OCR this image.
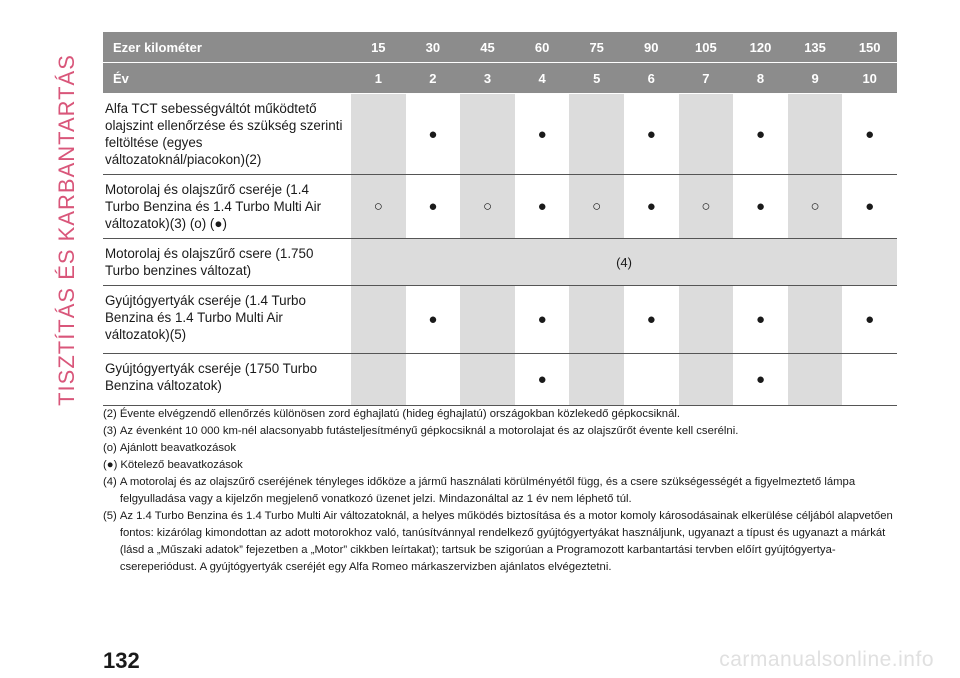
TISZTÍTÁS ÉS KARBANTARTÁS
Ezer kilométer	15	30	45	60	75	90	105	120	135	150
Év	1	2	3	4	5	6	7	8	9	10
Alfa TCT sebességváltót működtető olajszint ellenőrzése és szükség szerinti feltöltése (egyes változatoknál/piacokon)(2)		●		●		●		●		●
Motorolaj és olajszűrő cseréje (1.4 Turbo Benzina és 1.4 Turbo Multi Air változatok)(3) (o) (●)	○	●	○	●	○	●	○	●	○	●
Motorolaj és olajszűrő csere (1.750 Turbo benzines változat)	(4)									
Gyújtógyertyák cseréje (1.4 Turbo Benzina és 1.4 Turbo Multi Air változatok)(5)		●		●		●		●		●
Gyújtógyertyák cseréje (1750 Turbo Benzina változatok)				●				●		
(2) Évente elvégzendő ellenőrzés különösen zord éghajlatú (hideg éghajlatú) országokban közlekedő gépkocsiknál.
(3) Az évenként 10 000 km-nél alacsonyabb futásteljesítményű gépkocsiknál a motorolajat és az olajszűrőt évente kell cserélni.
(o) Ajánlott beavatkozások
(●) Kötelező beavatkozások
(4) A motorolaj és az olajszűrő cseréjének tényleges időköze a jármű használati körülményétől függ, és a csere szükségességét a figyelmeztető lámpa felgyulladása vagy a kijelzőn megjelenő vonatkozó üzenet jelzi. Mindazonáltal az 1 év nem léphető túl.
(5) Az 1.4 Turbo Benzina és 1.4 Turbo Multi Air változatoknál, a helyes működés biztosítása és a motor komoly károsodásainak elkerülése céljából alapvetően fontos: kizárólag kimondottan az adott motorokhoz való, tanúsítvánnyal rendelkező gyújtógyertyákat használjunk, ugyanazt a típust és ugyanazt a márkát (lásd a „Műszaki adatok” fejezetben a „Motor” cikkben leírtakat); tartsuk be szigorúan a Programozott karbantartási tervben előírt gyújtógyertya-csereperiódust. A gyújtógyertyák cseréjét egy Alfa Romeo márkaszervizben ajánlatos elvégeztetni.
132	carmanualsonline.info
